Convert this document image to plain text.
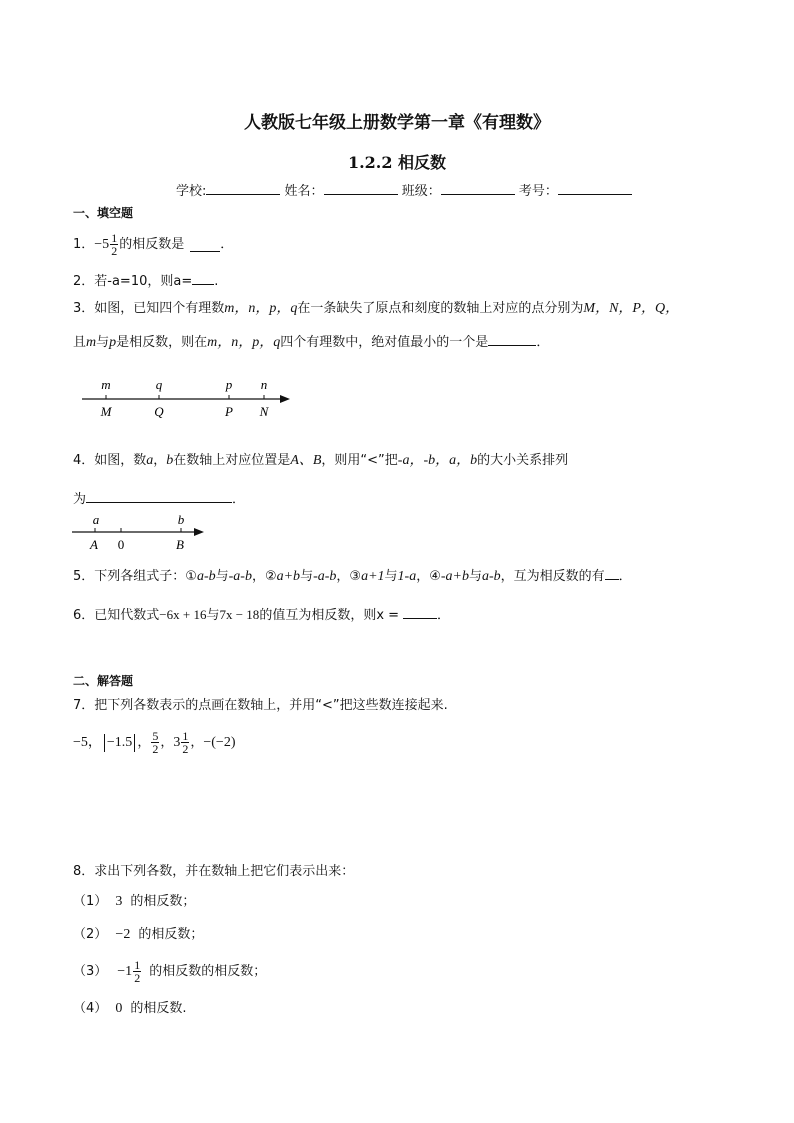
人教版七年级上册数学第一章《有理数》
1.2.2 相反数
学校:	姓名：	班级：	考号：
一、填空题
1． $-5 \frac{1}{2}$ 的相反数是	．
2．若-a=10，则a= .
3．如图，已知四个有理数m，n，p，q在一条缺失了原点和刻度的数轴上对应的点分别为M，N，P，Q，
且m与p是相反数，则在m，n，p，q四个有理数中，绝对值最小的一个是	．
m	q	p n
M	Q	P N
4．如图，数a，b在数轴上对应位置是A、B，则用“<”把-a，-b，a，b的大小关系排列
为	．
a	b
A 0	B
5．下列各组式子：①a-b与-a-b，②a+b与-a-b，③a+1与1-a，④-a+b与a-b，互为相反数的有 ．
6．已知代数式−6x + 16与7x − 18的值互为相反数，则x =	．
二、解答题
7．把下列各数表示的点画在数轴上，并用“<”把这些数连接起来.
−5， −1.5 ， $\frac{5}{2}$ ， $3 \frac{1}{2}$ ， −(−2)
8．求出下列各数，并在数轴上把它们表示出来：
（1） 3 的相反数；
（2） −2 的相反数；
$(3) -1 \frac{1}{2}$ 的相反数的相反数；
（4） 0 的相反数.
